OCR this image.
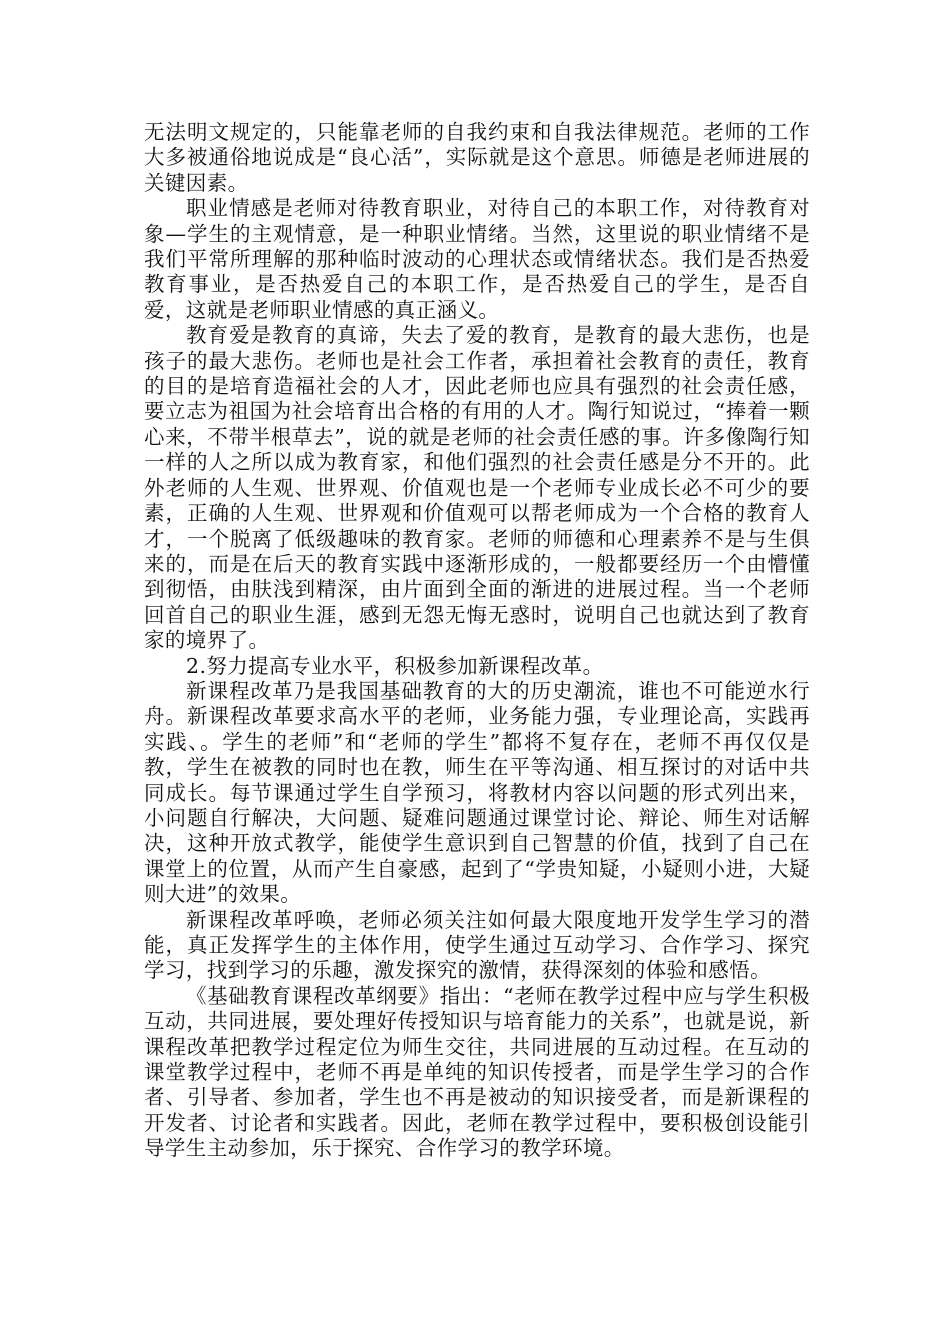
无法明文规定的，只能靠老师的自我约束和自我法律规范。老师的工作大多被通俗地说成是“良心活”，实际就是这个意思。师德是老师进展的关键因素。

职业情感是老师对待教育职业，对待自己的本职工作，对待教育对象—学生的主观情意，是一种职业情绪。当然，这里说的职业情绪不是我们平常所理解的那种临时波动的心理状态或情绪状态。我们是否热爱教育事业，是否热爱自己的本职工作，是否热爱自己的学生，是否自爱，这就是老师职业情感的真正涵义。

教育爱是教育的真谛，失去了爱的教育，是教育的最大悲伤，也是孩子的最大悲伤。老师也是社会工作者，承担着社会教育的责任，教育的目的是培育造福社会的人才，因此老师也应具有强烈的社会责任感，要立志为祖国为社会培育出合格的有用的人才。陶行知说过，“捧着一颗心来，不带半根草去”，说的就是老师的社会责任感的事。许多像陶行知一样的人之所以成为教育家，和他们强烈的社会责任感是分不开的。此外老师的人生观、世界观、价值观也是一个老师专业成长必不可少的要素，正确的人生观、世界观和价值观可以帮老师成为一个合格的教育人才，一个脱离了低级趣味的教育家。老师的师德和心理素养不是与生俱来的，而是在后天的教育实践中逐渐形成的，一般都要经历一个由懵懂到彻悟，由肤浅到精深，由片面到全面的渐进的进展过程。当一个老师回首自己的职业生涯，感到无怨无悔无惑时，说明自己也就达到了教育家的境界了。

2.努力提高专业水平，积极参加新课程改革。

新课程改革乃是我国基础教育的大的历史潮流，谁也不可能逆水行舟。新课程改革要求高水平的老师，业务能力强，专业理论高，实践再实践、。学生的老师”和“老师的学生”都将不复存在，老师不再仅仅是教，学生在被教的同时也在教，师生在平等沟通、相互探讨的对话中共同成长。每节课通过学生自学预习，将教材内容以问题的形式列出来，小问题自行解决，大问题、疑难问题通过课堂讨论、辩论、师生对话解决，这种开放式教学，能使学生意识到自己智慧的价值，找到了自己在课堂上的位置，从而产生自豪感，起到了“学贵知疑，小疑则小进，大疑则大进”的效果。

新课程改革呼唤，老师必须关注如何最大限度地开发学生学习的潜能，真正发挥学生的主体作用，使学生通过互动学习、合作学习、探究学习，找到学习的乐趣，激发探究的激情，获得深刻的体验和感悟。

《基础教育课程改革纲要》指出：“老师在教学过程中应与学生积极互动，共同进展，要处理好传授知识与培育能力的关系”，也就是说，新课程改革把教学过程定位为师生交往，共同进展的互动过程。在互动的课堂教学过程中，老师不再是单纯的知识传授者，而是学生学习的合作者、引导者、参加者，学生也不再是被动的知识接受者，而是新课程的开发者、讨论者和实践者。因此，老师在教学过程中，要积极创设能引导学生主动参加，乐于探究、合作学习的教学环境。
